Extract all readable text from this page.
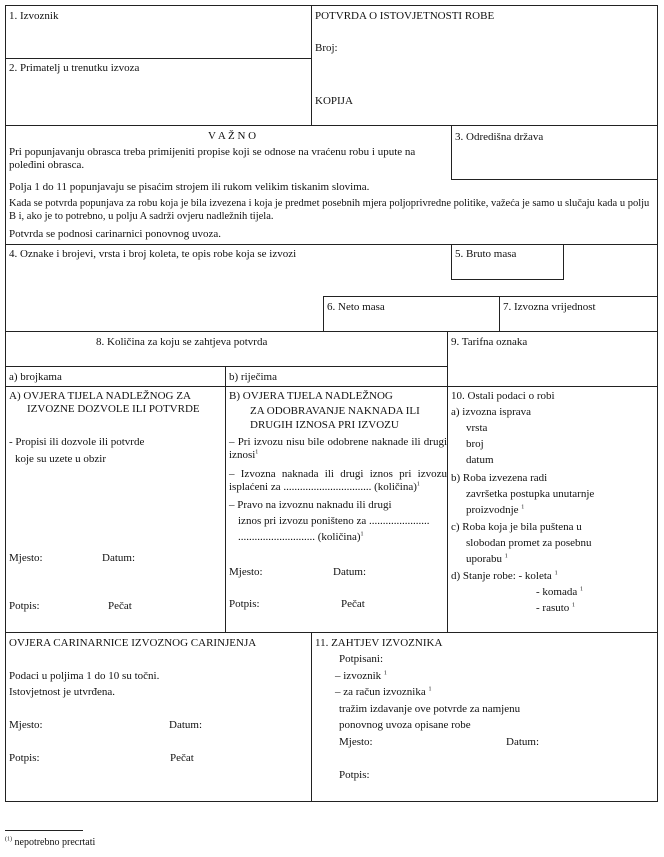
1. Izvoznik
2. Primatelj u trenutku izvoza
POTVRDA O ISTOVJETNOSTI ROBE
Broj:
KOPIJA
V A Ž N O
Pri popunjavanju obrasca treba primijeniti propise koji se odnose na vraćenu robu i upute na poleđini obrasca.
3. Odredišna država
Polja 1 do 11 popunjavaju se pisaćim strojem ili rukom velikim tiskanim slovima.
Kada se potvrda popunjava za robu koja je bila izvezena i koja je predmet posebnih mjera poljoprivredne politike, važeća je samo u slučaju kada u polju B i, ako je to potrebno, u polju A sadrži ovjeru nadležnih tijela.
Potvrda se podnosi carinarnici ponovnog uvoza.
4. Oznake i brojevi, vrsta i broj koleta, te opis robe koja se izvozi	5. Bruto masa
6. Neto masa	7. Izvozna vrijednost
8. Količina za koju se zahtjeva potvrda
a) brojkama	b) riječima
9. Tarifna oznaka
A) OVJERA TIJELA NADLEŽNOG ZA
IZVOZNE DOZVOLE ILI POTVRDE
- Propisi ili dozvole ili potvrde
koje su uzete u obzir
Mjesto:	Datum:
Potpis:	Pečat
B) OVJERA TIJELA NADLEŽNOG
ZA ODOBRAVANJE NAKNADA ILI
DRUGIH IZNOSA PRI IZVOZU
– Pri izvozu nisu bile odobrene naknade ili drugi iznosi$^1$
– Izvozna naknada ili drugi iznos pri izvozu isplaćeni za ................................ (količina)$^1$
– Pravo na izvoznu naknadu ili drugi
iznos pri izvozu poništeno za ......................
............................ (količina)$^1$
Mjesto:	Datum:
Potpis:	Pečat
10. Ostali podaci o robi
a) izvozna isprava
vrsta
broj
datum
b) Roba izvezena radi
završetka postupka unutarnje
proizvodnje $^1$
c) Roba koja je bila puštena u
slobodan promet za posebnu
uporabu $^1$
d) Stanje robe: - koleta $^1$
- komada $^1$
- rasuto $^1$
OVJERA CARINARNICE IZVOZNOG CARINJENJA
Podaci u poljima 1 do 10 su točni.
Istovjetnost je utvrđena.
Mjesto:	Datum:
Potpis:	Pečat
11. ZAHTJEV IZVOZNIKA
Potpisani:
– izvoznik $^1$
– za račun izvoznika $^1$
tražim izdavanje ove potvrde za namjenu
ponovnog uvoza opisane robe
Mjesto:	Datum:
Potpis:
$^{(1)}$ nepotrebno precrtati
